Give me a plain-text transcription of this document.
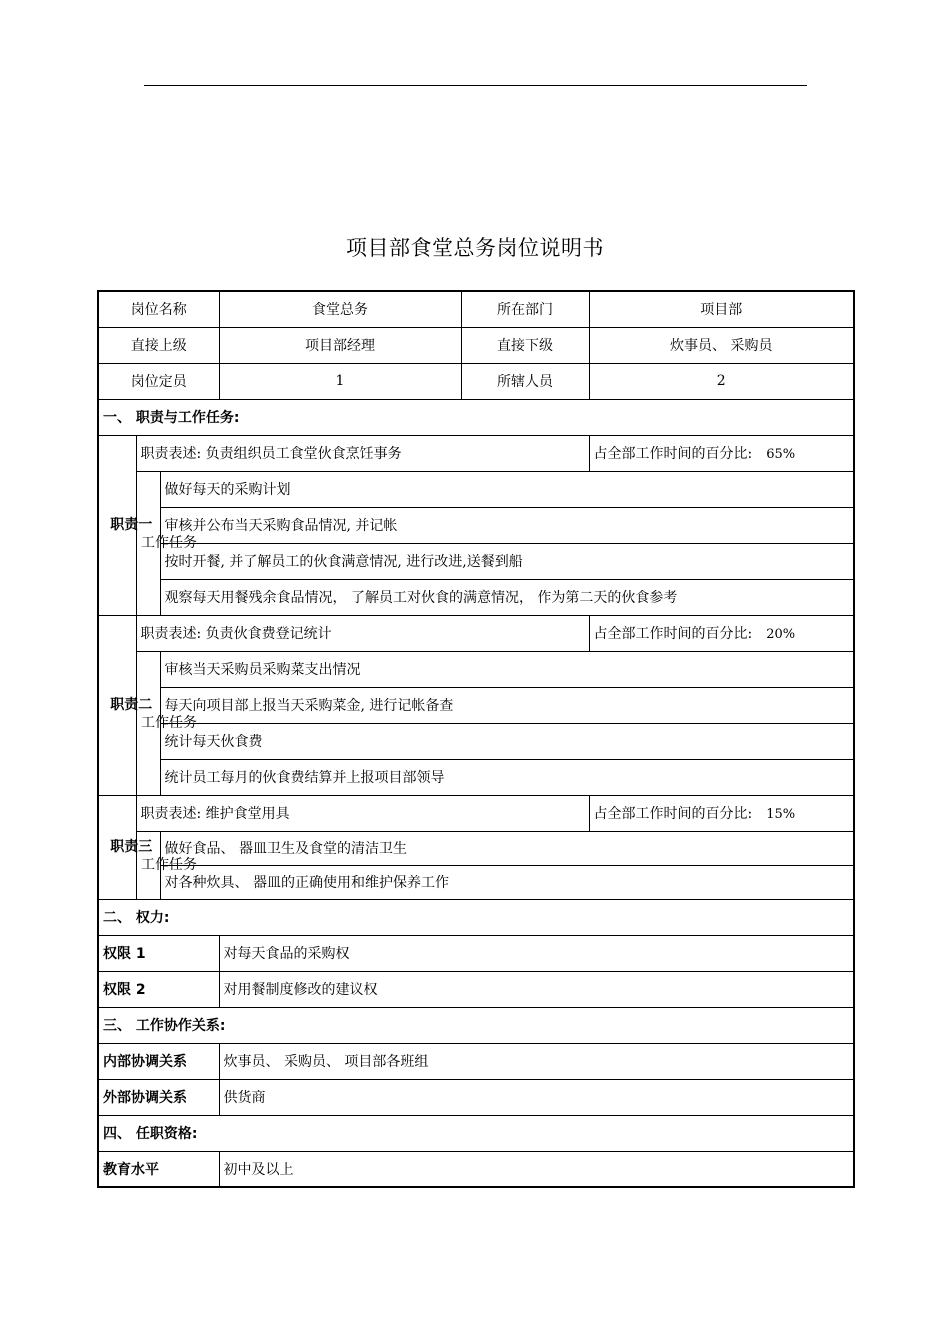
项目部食堂总务岗位说明书
岗位名称			食堂总务	所在部门	项目部
直接上级			项目部经理	直接下级	炊事员、 采购员
岗位定员			1	所辖人员	2
一、 职责与工作任务:					
职责一	职责表述: 负责组织员工食堂伙食烹饪事务				占全部工作时间的百分比: 65%
	工作任务	做好每天的采购计划			
		审核并公布当天采购食品情况, 并记帐			
		按时开餐, 并了解员工的伙食满意情况, 进行改进,送餐到船			
		观察每天用餐残余食品情况， 了解员工对伙食的满意情况， 作为第二天的伙食参考			
职责二	职责表述: 负责伙食费登记统计				占全部工作时间的百分比: 20%
	工作任务	审核当天采购员采购菜支出情况			
		每天向项目部上报当天采购菜金, 进行记帐备查			
		统计每天伙食费			
		统计员工每月的伙食费结算并上报项目部领导			
职责三	职责表述: 维护食堂用具				占全部工作时间的百分比: 15%
	工作任务	做好食品、 器皿卫生及食堂的清洁卫生			
		对各种炊具、 器皿的正确使用和维护保养工作			
二、 权力:					
权限 1			对每天食品的采购权		
权限 2			对用餐制度修改的建议权		
三、 工作协作关系:					
内部协调关系			炊事员、 采购员、 项目部各班组		
外部协调关系			供货商		
四、 任职资格:					
教育水平			初中及以上		
